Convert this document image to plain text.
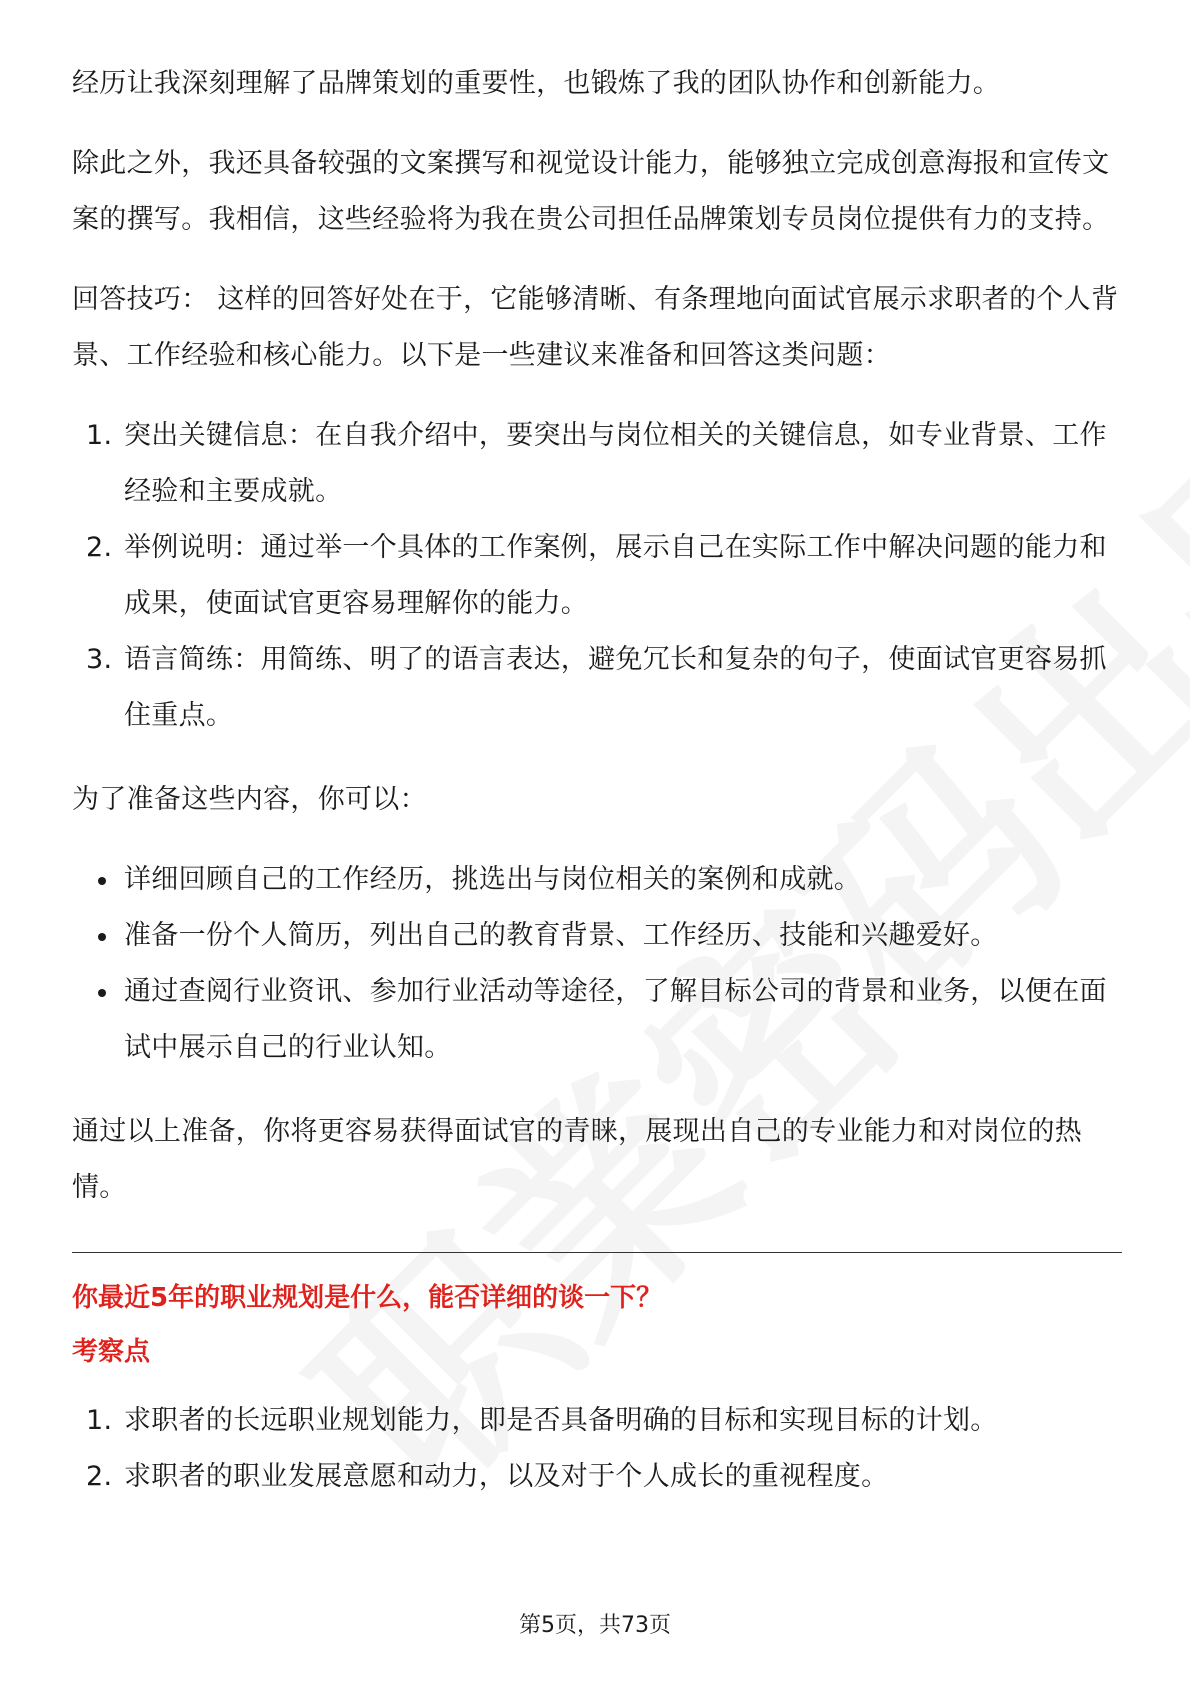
经历让我深刻理解了品牌策划的重要性，也锻炼了我的团队协作和创新能力。

除此之外，我还具备较强的文案撰写和视觉设计能力，能够独立完成创意海报和宣传文案的撰写。我相信，这些经验将为我在贵公司担任品牌策划专员岗位提供有力的支持。

回答技巧： 这样的回答好处在于，它能够清晰、有条理地向面试官展示求职者的个人背景、工作经验和核心能力。以下是一些建议来准备和回答这类问题：

1. 突出关键信息：在自我介绍中，要突出与岗位相关的关键信息，如专业背景、工作经验和主要成就。
2. 举例说明：通过举一个具体的工作案例，展示自己在实际工作中解决问题的能力和成果，使面试官更容易理解你的能力。
3. 语言简练：用简练、明了的语言表达，避免冗长和复杂的句子，使面试官更容易抓住重点。

为了准备这些内容，你可以：

详细回顾自己的工作经历，挑选出与岗位相关的案例和成就。
准备一份个人简历，列出自己的教育背景、工作经历、技能和兴趣爱好。
通过查阅行业资讯、参加行业活动等途径，了解目标公司的背景和业务，以便在面试中展示自己的行业认知。

通过以上准备，你将更容易获得面试官的青睐，展现出自己的专业能力和对岗位的热情。

你最近5年的职业规划是什么，能否详细的谈一下？
考察点
1. 求职者的长远职业规划能力，即是否具备明确的目标和实现目标的计划。
2. 求职者的职业发展意愿和动力，以及对于个人成长的重视程度。
第5页，共73页
